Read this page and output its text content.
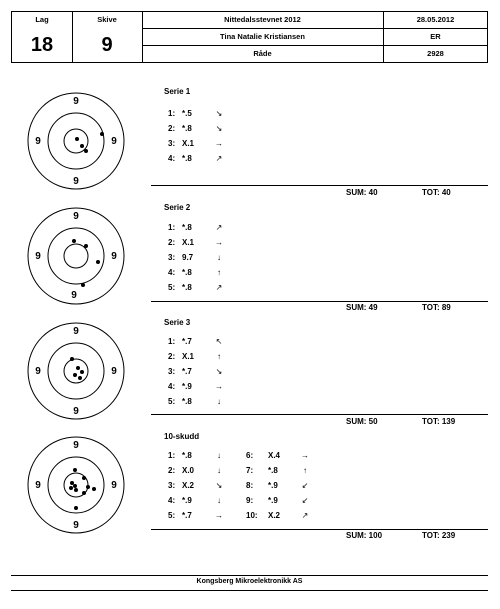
Lag
18
Skive
9
Nittedalsstevnet 2012	28.05.2012
Tina Natalie Kristiansen	ER
Råde	2928
9
9	9
9
Serie 1
1: *.5	↘
2: *.8	↘
3: X.1	→
4: *.8	↗
SUM: 40	TOT: 40
9
9	9
9
Serie 2
1: *.8	↗
2: X.1	→
3: 9.7	↓
4: *.8	↑
5: *.8	↗
SUM: 49	TOT: 89
9
9	9
9
Serie 3
1: *.7	↖
2: X.1	↑
3: *.7	↘
4: *.9	→
5: *.8	↓
SUM: 50	TOT: 139
9
9	9
9
10-skudd
1: *.8	↓
2: X.0	↓
3: X.2	↘
4: *.9	↓
5: *.7	→
6: X.4	→
7: *.8	↑
8: *.9	↙
9: *.9	↙
10: X.2	↗
SUM: 100	TOT: 239
Kongsberg Mikroelektronikk AS
